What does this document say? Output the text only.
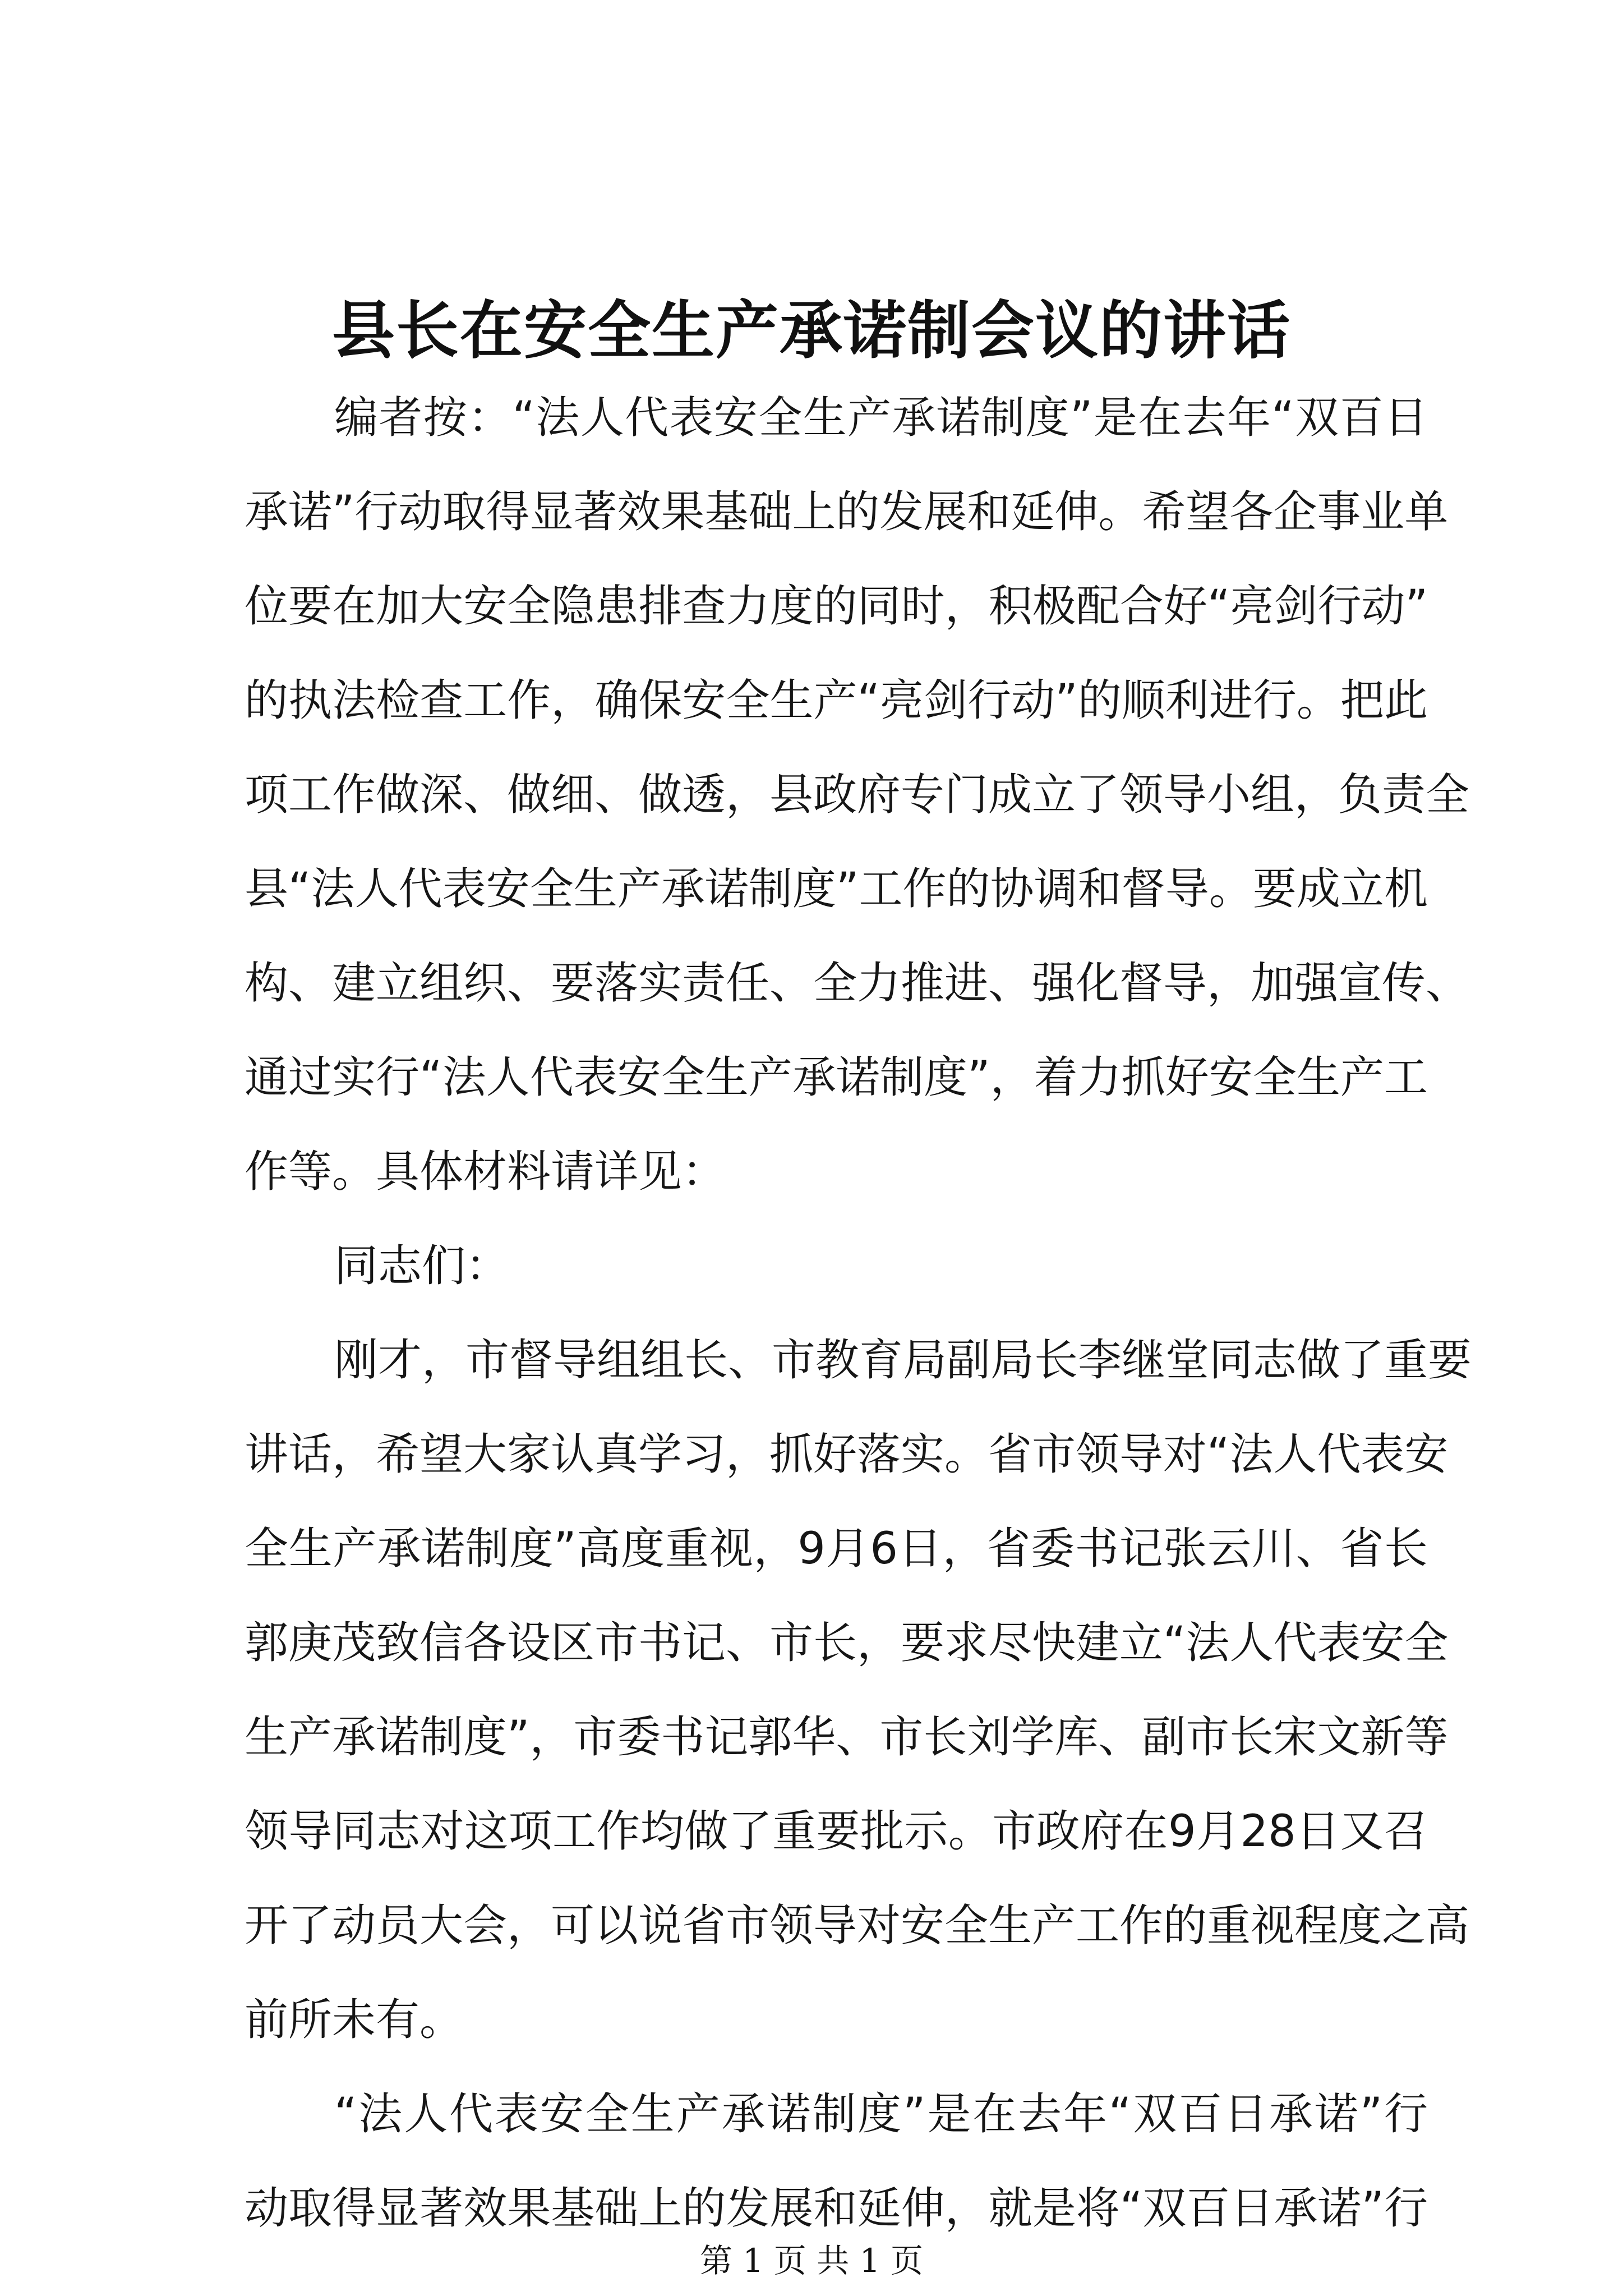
县长在安全生产承诺制会议的讲话
编者按：“法人代表安全生产承诺制度”是在去年“双百日
承诺”行动取得显著效果基础上的发展和延伸。希望各企事业单
位要在加大安全隐患排查力度的同时，积极配合好“亮剑行动”
的执法检查工作，确保安全生产“亮剑行动”的顺利进行。把此
项工作做深、做细、做透，县政府专门成立了领导小组，负责全
县“法人代表安全生产承诺制度”工作的协调和督导。要成立机
构、建立组织、要落实责任、全力推进、强化督导，加强宣传、
通过实行“法人代表安全生产承诺制度”，着力抓好安全生产工
作等。具体材料请详见：
同志们：
刚才，市督导组组长、市教育局副局长李继堂同志做了重要
讲话，希望大家认真学习，抓好落实。省市领导对“法人代表安
全生产承诺制度”高度重视，9月6日，省委书记张云川、省长
郭庚茂致信各设区市书记、市长，要求尽快建立“法人代表安全
生产承诺制度”，市委书记郭华、市长刘学库、副市长宋文新等
领导同志对这项工作均做了重要批示。市政府在9月28日又召
开了动员大会，可以说省市领导对安全生产工作的重视程度之高
前所未有。
“法人代表安全生产承诺制度”是在去年“双百日承诺”行
动取得显著效果基础上的发展和延伸，就是将“双百日承诺”行
第 1 页 共 1 页
